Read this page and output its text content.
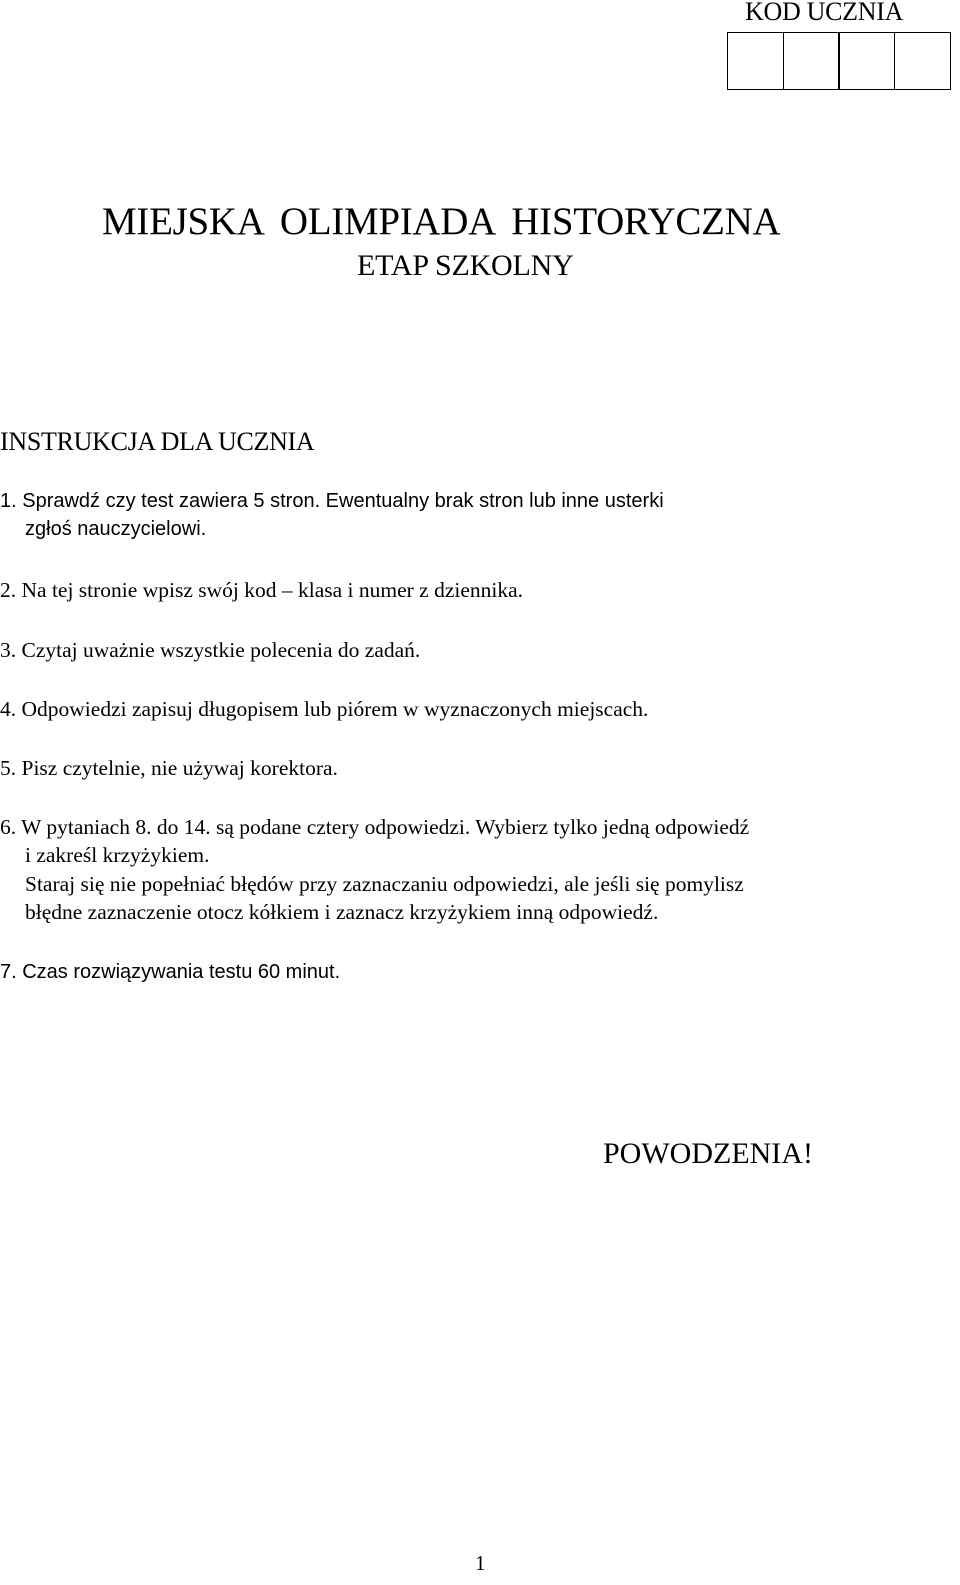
KOD UCZNIA
MIEJSKA OLIMPIADA HISTORYCZNA
ETAP SZKOLNY
INSTRUKCJA DLA UCZNIA
1. Sprawdź czy test zawiera 5 stron. Ewentualny brak stron lub inne usterki
zgłoś nauczycielowi.
2. Na tej stronie wpisz swój kod – klasa i numer z dziennika.
3. Czytaj uważnie wszystkie polecenia do zadań.
4. Odpowiedzi zapisuj długopisem lub piórem w wyznaczonych miejscach.
5. Pisz czytelnie, nie używaj korektora.
6. W pytaniach 8. do 14. są podane cztery odpowiedzi. Wybierz tylko jedną odpowiedź
i zakreśl krzyżykiem.
Staraj się nie popełniać błędów przy zaznaczaniu odpowiedzi, ale jeśli się pomylisz
błędne zaznaczenie otocz kółkiem i zaznacz krzyżykiem inną odpowiedź.
7. Czas rozwiązywania testu 60 minut.
POWODZENIA!
1
